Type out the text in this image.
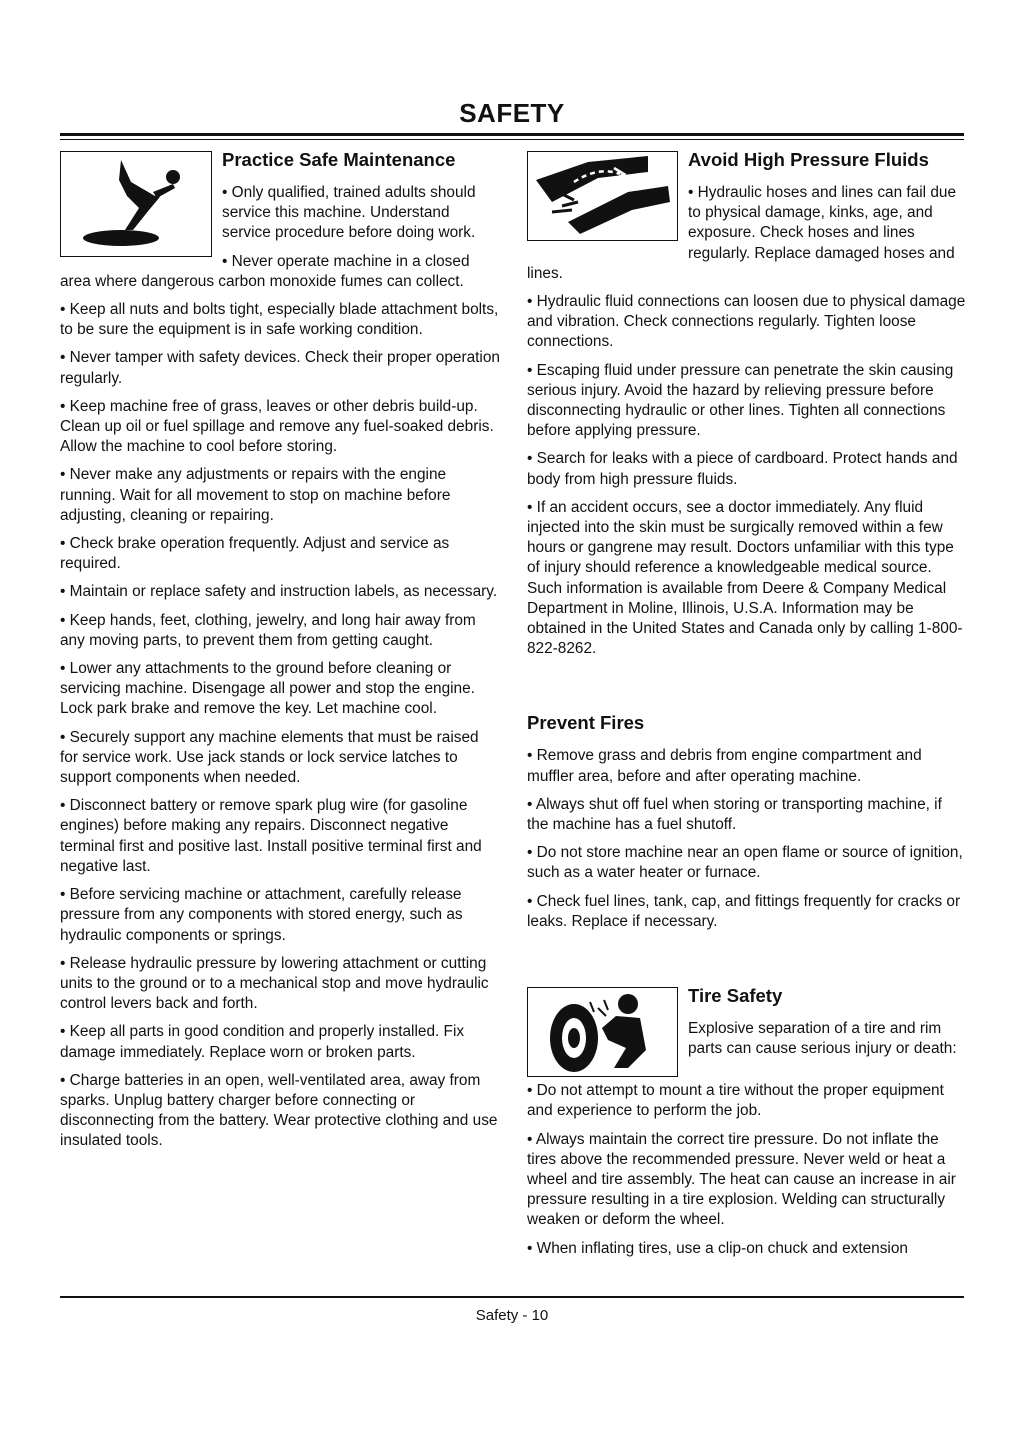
SAFETY
Practice Safe Maintenance

• Only qualified, trained adults should service this machine. Understand service procedure before doing work.

• Never operate machine in a closed area where dangerous carbon monoxide fumes can collect.

• Keep all nuts and bolts tight, especially blade attachment bolts, to be sure the equipment is in safe working condition.

• Never tamper with safety devices. Check their proper operation regularly.

• Keep machine free of grass, leaves or other debris build-up. Clean up oil or fuel spillage and remove any fuel-soaked debris. Allow the machine to cool before storing.

• Never make any adjustments or repairs with the engine running. Wait for all movement to stop on machine before adjusting, cleaning or repairing.

• Check brake operation frequently. Adjust and service as required.

• Maintain or replace safety and instruction labels, as necessary.

• Keep hands, feet, clothing, jewelry, and long hair away from any moving parts, to prevent them from getting caught.

• Lower any attachments to the ground before cleaning or servicing machine. Disengage all power and stop the engine. Lock park brake and remove the key. Let machine cool.

• Securely support any machine elements that must be raised for service work. Use jack stands or lock service latches to support components when needed.

• Disconnect battery or remove spark plug wire (for gasoline engines) before making any repairs. Disconnect negative terminal first and positive last. Install positive terminal first and negative last.

• Before servicing machine or attachment, carefully release pressure from any components with stored energy, such as hydraulic components or springs.

• Release hydraulic pressure by lowering attachment or cutting units to the ground or to a mechanical stop and move hydraulic control levers back and forth.

• Keep all parts in good condition and properly installed. Fix damage immediately. Replace worn or broken parts.

• Charge batteries in an open, well-ventilated area, away from sparks. Unplug battery charger before connecting or disconnecting from the battery. Wear protective clothing and use insulated tools.

Avoid High Pressure Fluids

• Hydraulic hoses and lines can fail due to physical damage, kinks, age, and exposure. Check hoses and lines regularly. Replace damaged hoses and lines.

• Hydraulic fluid connections can loosen due to physical damage and vibration. Check connections regularly. Tighten loose connections.

• Escaping fluid under pressure can penetrate the skin causing serious injury. Avoid the hazard by relieving pressure before disconnecting hydraulic or other lines. Tighten all connections before applying pressure.

• Search for leaks with a piece of cardboard. Protect hands and body from high pressure fluids.

• If an accident occurs, see a doctor immediately. Any fluid injected into the skin must be surgically removed within a few hours or gangrene may result. Doctors unfamiliar with this type of injury should reference a knowledgeable medical source. Such information is available from Deere & Company Medical Department in Moline, Illinois, U.S.A. Information may be obtained in the United States and Canada only by calling 1-800-822-8262.

Prevent Fires

• Remove grass and debris from engine compartment and muffler area, before and after operating machine.

• Always shut off fuel when storing or transporting machine, if the machine has a fuel shutoff.

• Do not store machine near an open flame or source of ignition, such as a water heater or furnace.

• Check fuel lines, tank, cap, and fittings frequently for cracks or leaks. Replace if necessary.

Tire Safety

Explosive separation of a tire and rim parts can cause serious injury or death:

• Do not attempt to mount a tire without the proper equipment and experience to perform the job.

• Always maintain the correct tire pressure. Do not inflate the tires above the recommended pressure. Never weld or heat a wheel and tire assembly. The heat can cause an increase in air pressure resulting in a tire explosion. Welding can structurally weaken or deform the wheel.

• When inflating tires, use a clip-on chuck and extension

Safety - 10
